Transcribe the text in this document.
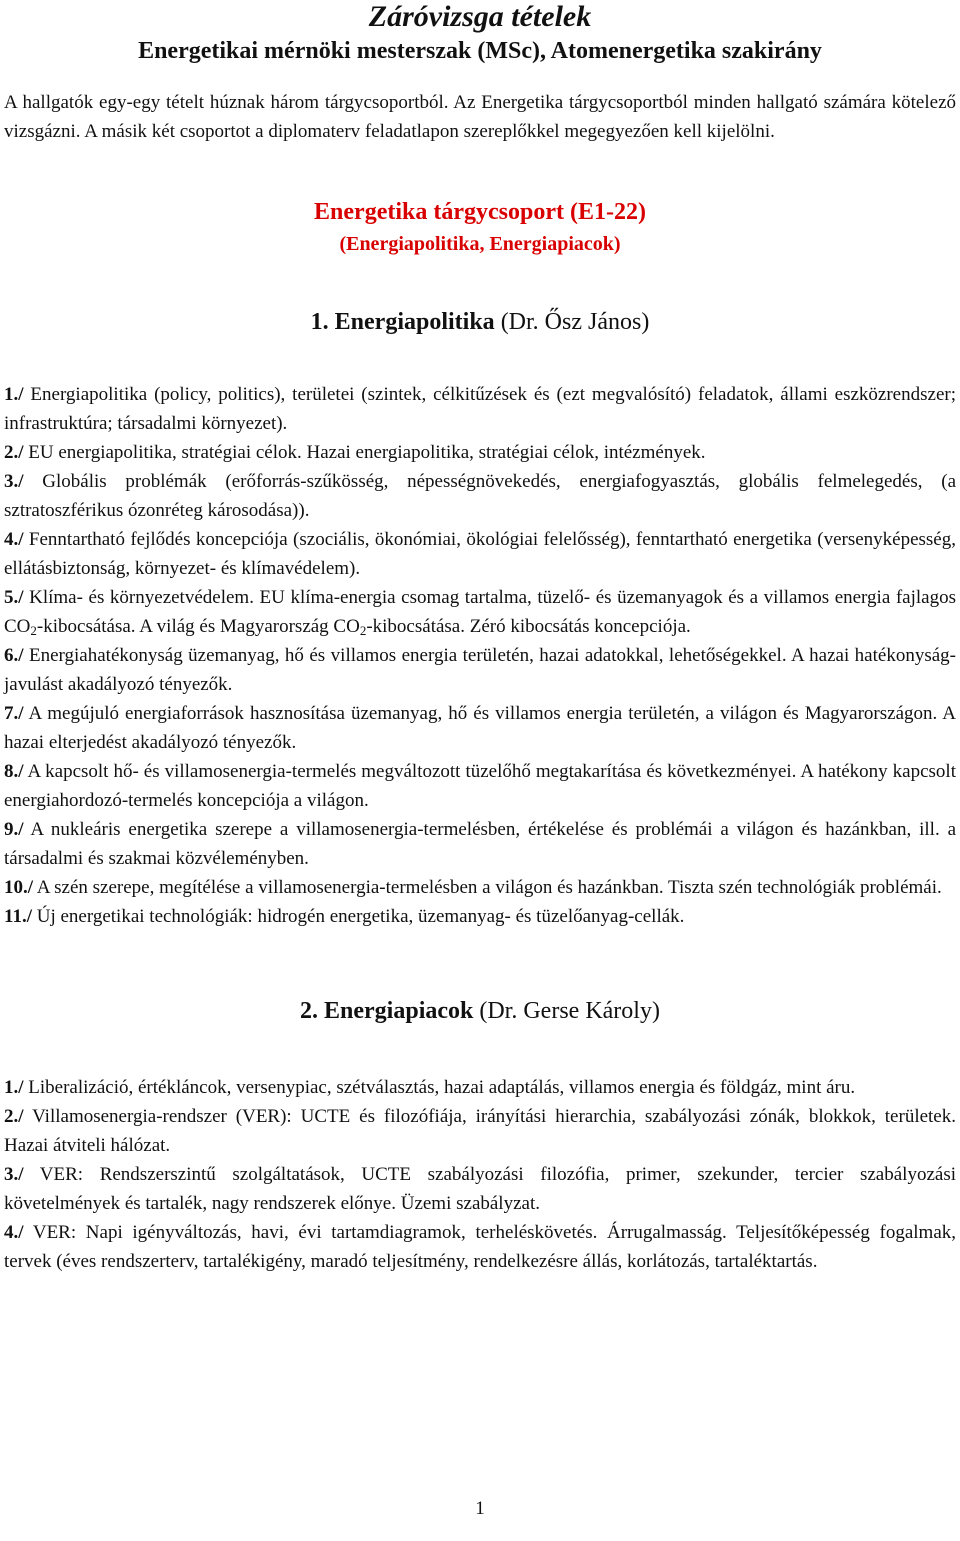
Záróvizsga tételek
Energetikai mérnöki mesterszak (MSc), Atomenergetika szakirány

A hallgatók egy-egy tételt húznak három tárgycsoportból. Az Energetika tárgycsoportból minden hallgató számára kötelező vizsgázni. A másik két csoportot a diplomaterv feladatlapon szereplőkkel megegyezően kell kijelölni.

Energetika tárgycsoport (E1-22)
(Energiapolitika, Energiapiacok)
1. Energiapolitika (Dr. Ősz János)

1./ Energiapolitika (policy, politics), területei (szintek, célkitűzések és (ezt megvalósító) feladatok, állami eszközrendszer; infrastruktúra; társadalmi környezet).

2./ EU energiapolitika, stratégiai célok. Hazai energiapolitika, stratégiai célok, intézmények.

3./ Globális problémák (erőforrás-szűkösség, népességnövekedés, energiafogyasztás, globális felmelegedés, (a sztratoszférikus ózonréteg károsodása)).

4./ Fenntartható fejlődés koncepciója (szociális, ökonómiai, ökológiai felelősség), fenntartható energetika (versenyképesség, ellátásbiztonság, környezet- és klímavédelem).

5./ Klíma- és környezetvédelem. EU klíma-energia csomag tartalma, tüzelő- és üzemanyagok és a villamos energia fajlagos $CO_2$-kibocsátása. A világ és Magyarország $CO_2$-kibocsátása. Zéró kibocsátás koncepciója.

6./ Energiahatékonyság üzemanyag, hő és villamos energia területén, hazai adatokkal, lehetőségekkel. A hazai hatékonyság-javulást akadályozó tényezők.

7./ A megújuló energiaforrások hasznosítása üzemanyag, hő és villamos energia területén, a világon és Magyarországon. A hazai elterjedést akadályozó tényezők.

8./ A kapcsolt hő- és villamosenergia-termelés megváltozott tüzelőhő megtakarítása és következményei. A hatékony kapcsolt energiahordozó-termelés koncepciója a világon.

9./ A nukleáris energetika szerepe a villamosenergia-termelésben, értékelése és problémái a világon és hazánkban, ill. a társadalmi és szakmai közvéleményben.

10./ A szén szerepe, megítélése a villamosenergia-termelésben a világon és hazánkban. Tiszta szén technológiák problémái.

11./ Új energetikai technológiák: hidrogén energetika, üzemanyag- és tüzelőanyag-cellák.

2. Energiapiacok (Dr. Gerse Károly)

1./ Liberalizáció, értékláncok, versenypiac, szétválasztás, hazai adaptálás, villamos energia és földgáz, mint áru.

2./ Villamosenergia-rendszer (VER): UCTE és filozófiája, irányítási hierarchia, szabályozási zónák, blokkok, területek. Hazai átviteli hálózat.

3./ VER: Rendszerszintű szolgáltatások, UCTE szabályozási filozófia, primer, szekunder, tercier szabályozási követelmények és tartalék, nagy rendszerek előnye. Üzemi szabályzat.

4./ VER: Napi igényváltozás, havi, évi tartamdiagramok, terheléskövetés. Árrugalmasság. Teljesítőképesség fogalmak, tervek (éves rendszerterv, tartalékigény, maradó teljesítmény, rendelkezésre állás, korlátozás, tartaléktartás.

1
